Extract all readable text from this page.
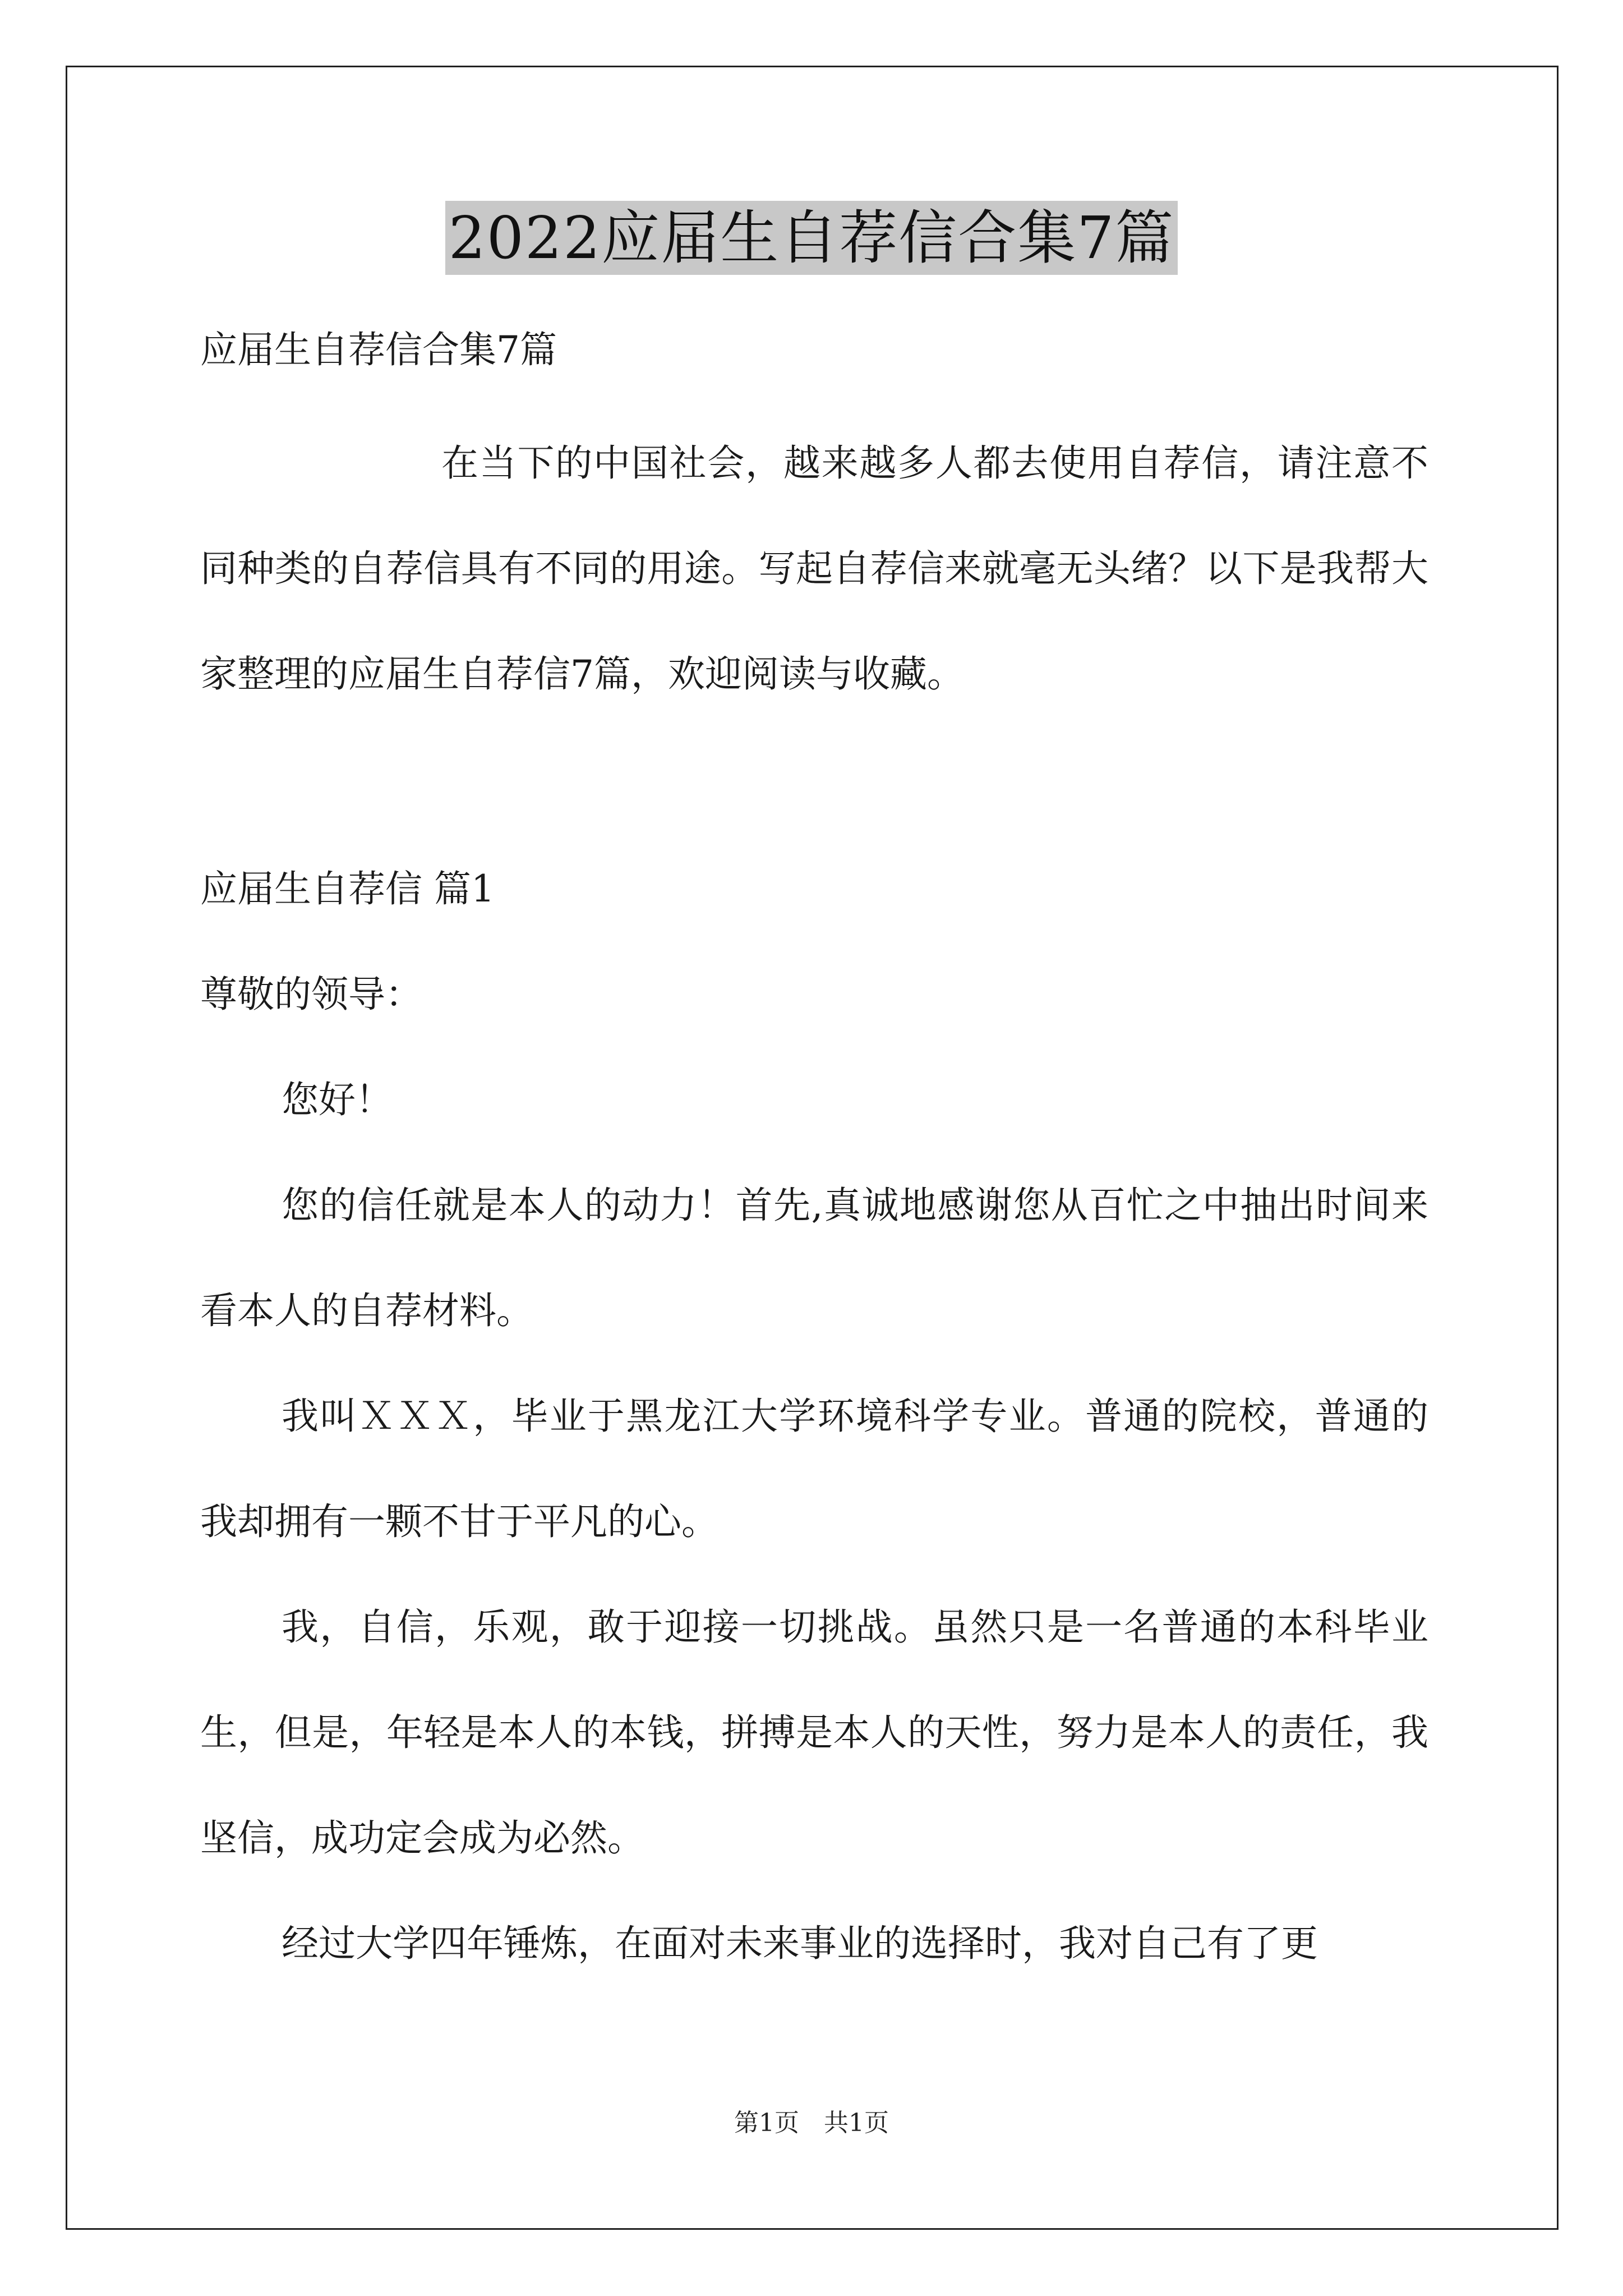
2022应届生自荐信合集7篇

应届生自荐信合集7篇

在当下的中国社会，越来越多人都去使用自荐信，请注意不同种类的自荐信具有不同的用途。写起自荐信来就毫无头绪？以下是我帮大家整理的应届生自荐信7篇，欢迎阅读与收藏。

应届生自荐信 篇1

尊敬的领导：

您好！

您的信任就是本人的动力！首先,真诚地感谢您从百忙之中抽出时间来看本人的自荐材料。

我叫ＸＸＸ，毕业于黑龙江大学环境科学专业。普通的院校，普通的我却拥有一颗不甘于平凡的心。

我，自信，乐观，敢于迎接一切挑战。虽然只是一名普通的本科毕业生，但是，年轻是本人的本钱，拼搏是本人的天性，努力是本人的责任，我坚信，成功定会成为必然。

经过大学四年锤炼，在面对未来事业的选择时，我对自己有了更

第1页　共1页
